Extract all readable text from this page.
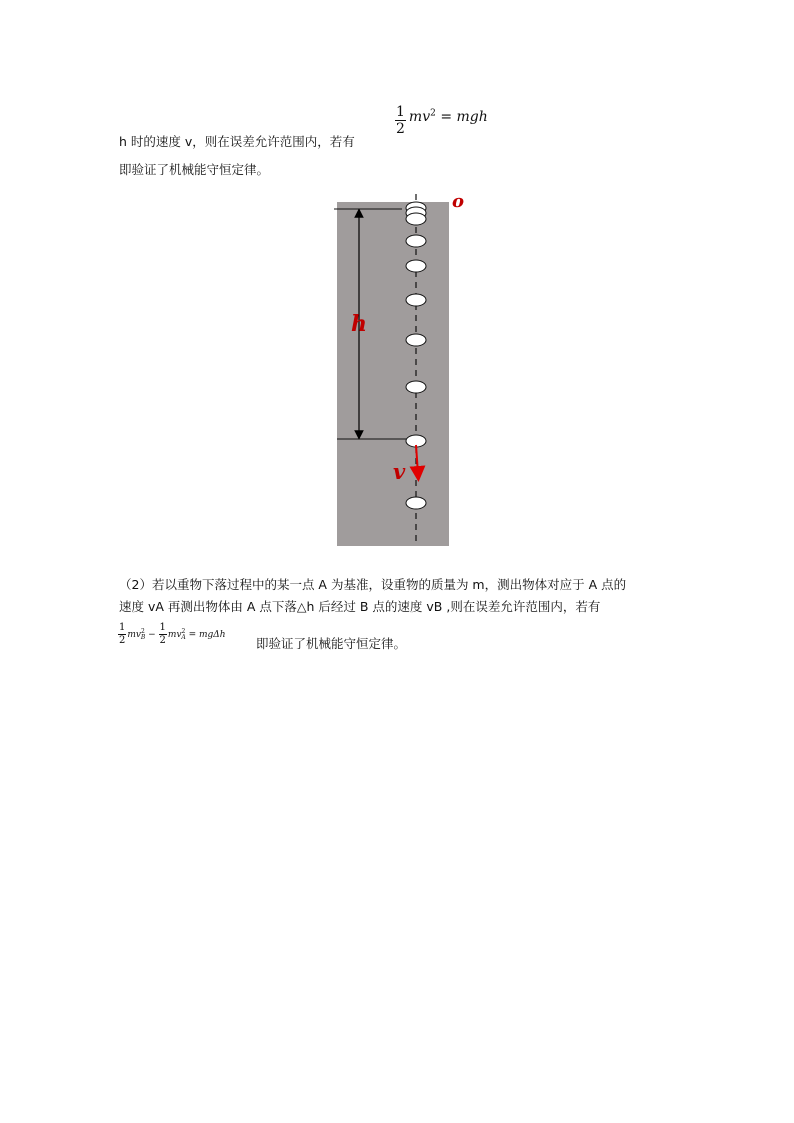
h 时的速度 v，则在误差允许范围内，若有
$\frac{1}{2} mv^2$ = mgh
即验证了机械能守恒定律。
o
h
v
（2）若以重物下落过程中的某一点 A 为基准，设重物的质量为 m，测出物体对应于 A 点的
速度 vA 再测出物体由 A 点下落△h 后经过 B 点的速度 vB ,则在误差允许范围内，若有
$\frac{1}{2} mv^2_B - \frac{1}{2} mv^2_A = mg\Delta h$
即验证了机械能守恒定律。
